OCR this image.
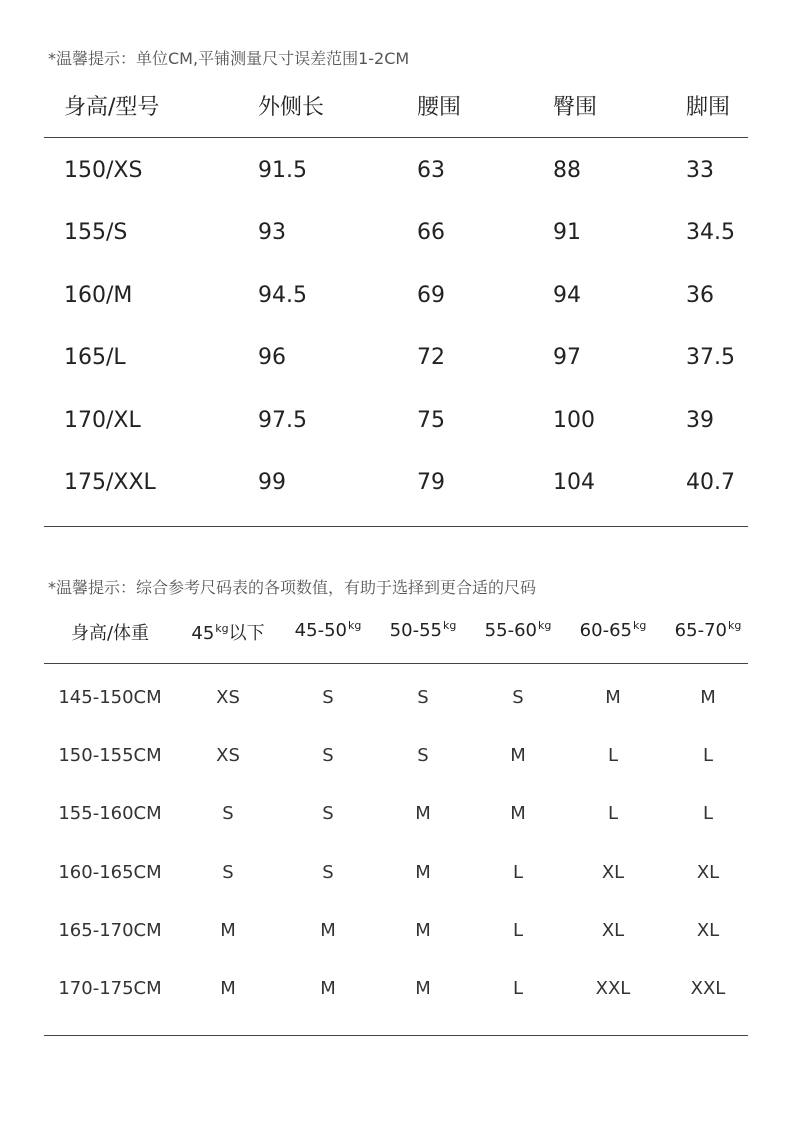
*温馨提示：单位CM,平铺测量尺寸误差范围1-2CM
身高/型号	外侧长	腰围	臀围	脚围
150/XS	91.5	63	88	33
155/S	93	66	91	34.5
160/M	94.5	69	94	36
165/L	96	72	97	37.5
170/XL	97.5	75	100	39
175/XXL	99	79	104	40.7
*温馨提示：综合参考尺码表的各项数值，有助于选择到更合适的尺码
身高/体重 $45^{kg}$以下 $45-50^{kg}$ $50-55^{kg}$ $55-60^{kg}$ $60-65^{kg}$ $65-70^{kg}$
145-150CM	XS	S	S	S	M	M
150-155CM	XS	S	S	M	L	L
155-160CM	S	S	M	M	L	L
160-165CM	S	S	M	L	XL	XL
165-170CM	M	M	M	L	XL	XL
170-175CM	M	M	M	L	XXL	XXL
